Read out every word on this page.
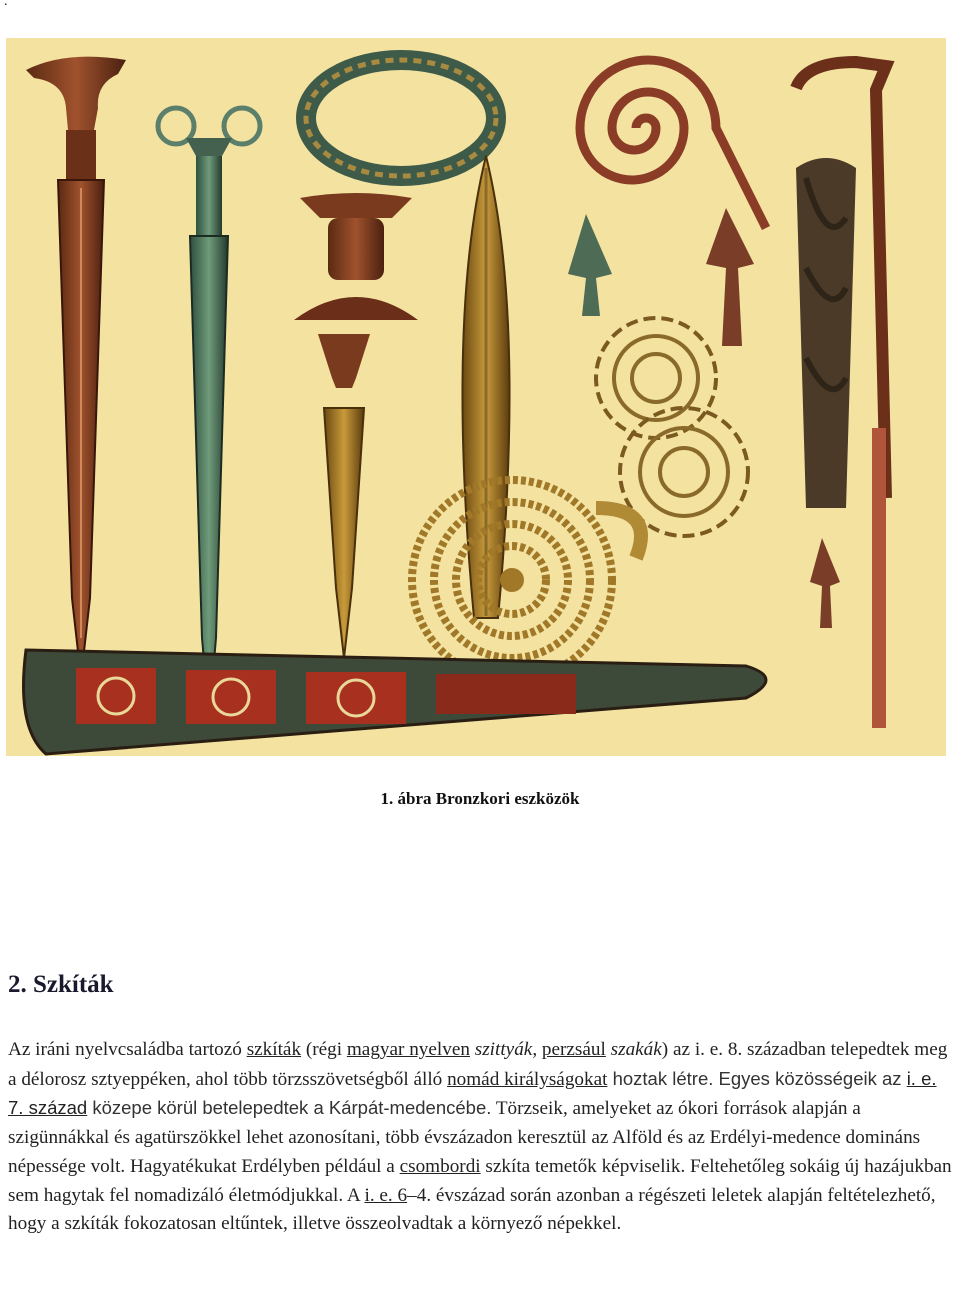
.
1. ábra Bronzkori eszközök
2. Szkíták

Az iráni nyelvcsaládba tartozó szkíták (régi magyar nyelven szittyák, perzsául szakák) az i. e. 8. században telepedtek meg a délorosz sztyeppéken, ahol több törzsszövetségből álló nomád királyságokat hoztak létre. Egyes közösségeik az i. e. 7. század közepe körül betelepedtek a Kárpát-medencébe. Törzseik, amelyeket az ókori források alapján a szigünnákkal és agatürszökkel lehet azonosítani, több évszázadon keresztül az Alföld és az Erdélyi-medence domináns népessége volt. Hagyatékukat Erdélyben például a csombordi szkíta temetők képviselik. Feltehetőleg sokáig új hazájukban sem hagytak fel nomadizáló életmódjukkal. A i. e. 6–4. évszázad során azonban a régészeti leletek alapján feltételezhető, hogy a szkíták fokozatosan eltűntek, illetve összeolvadtak a környező népekkel.
